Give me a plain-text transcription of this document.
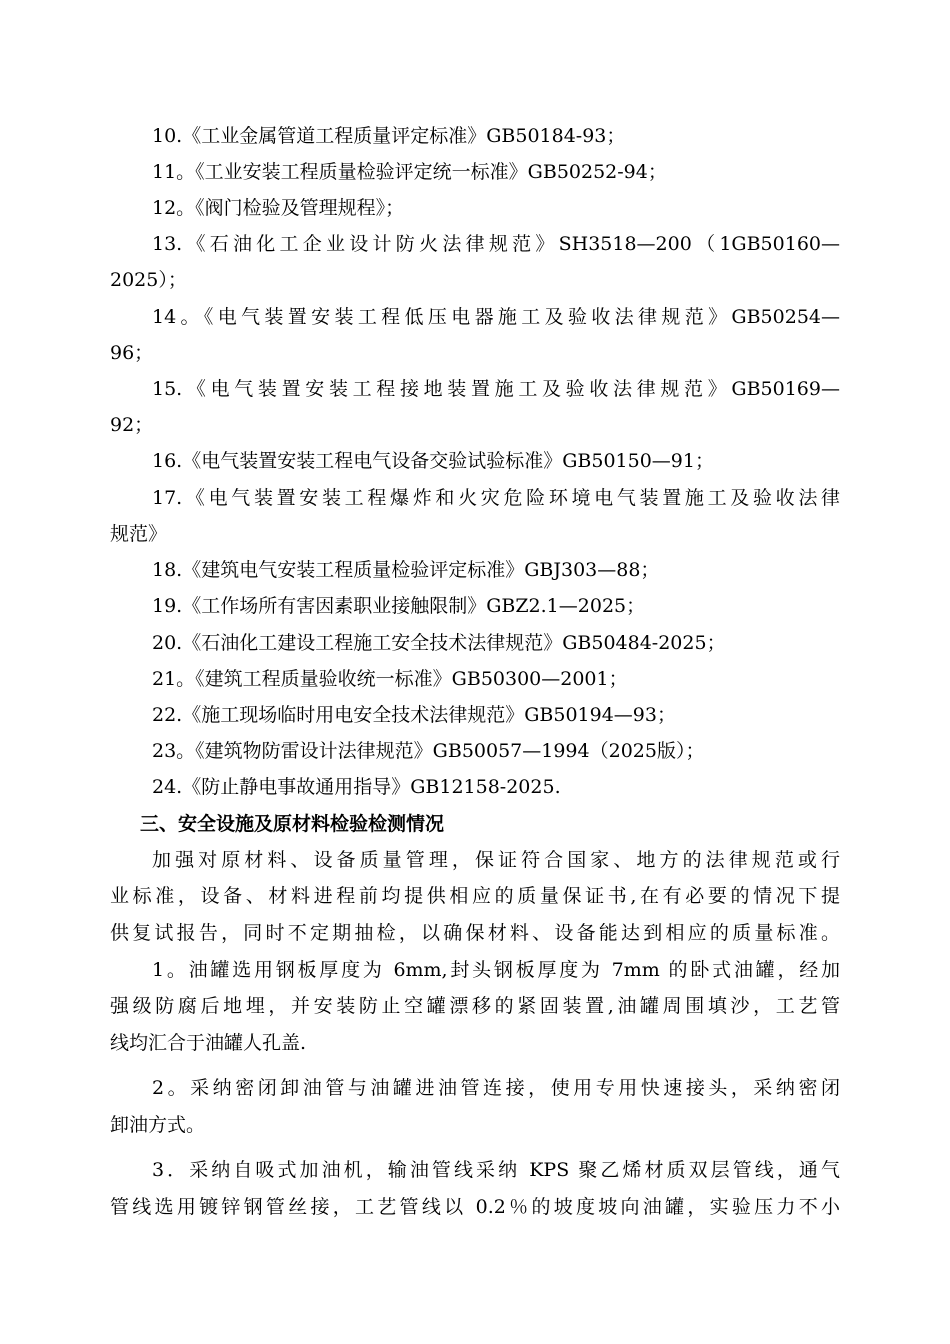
10.《工业金属管道工程质量评定标准》GB50184-93；
11。《工业安装工程质量检验评定统一标准》GB50252-94；
12。《阀门检验及管理规程》；
13.《石油化工企业设计防火法律规范》SH3518—200（1GB50160—
2025）；
14。《电气装置安装工程低压电器施工及验收法律规范》GB50254—
96；
15.《电气装置安装工程接地装置施工及验收法律规范》GB50169—
92；
16.《电气装置安装工程电气设备交验试验标准》GB50150—91；
17.《电气装置安装工程爆炸和火灾危险环境电气装置施工及验收法律
规范》
18.《建筑电气安装工程质量检验评定标准》GBJ303—88；
19.《工作场所有害因素职业接触限制》GBZ2.1—2025；
20.《石油化工建设工程施工安全技术法律规范》GB50484-2025；
21。《建筑工程质量验收统一标准》GB50300—2001；
22.《施工现场临时用电安全技术法律规范》GB50194—93；
23。《建筑物防雷设计法律规范》GB50057—1994（2025版）；
24.《防止静电事故通用指导》GB12158-2025.
三、安全设施及原材料检验检测情况
加强对原材料、设备质量管理，保证符合国家、地方的法律规范或行
业标准，设备、材料进程前均提供相应的质量保证书,在有必要的情况下提
供复试报告，同时不定期抽检，以确保材料、设备能达到相应的质量标准。
1。油罐选用钢板厚度为 6mm,封头钢板厚度为 7mm 的卧式油罐，经加
强级防腐后地埋，并安装防止空罐漂移的紧固装置,油罐周围填沙，工艺管
线均汇合于油罐人孔盖.
2。采纳密闭卸油管与油罐进油管连接，使用专用快速接头，采纳密闭
卸油方式。
3．采纳自吸式加油机，输油管线采纳 KPS 聚乙烯材质双层管线，通气
管线选用镀锌钢管丝接，工艺管线以 0.2％的坡度坡向油罐，实验压力不小
